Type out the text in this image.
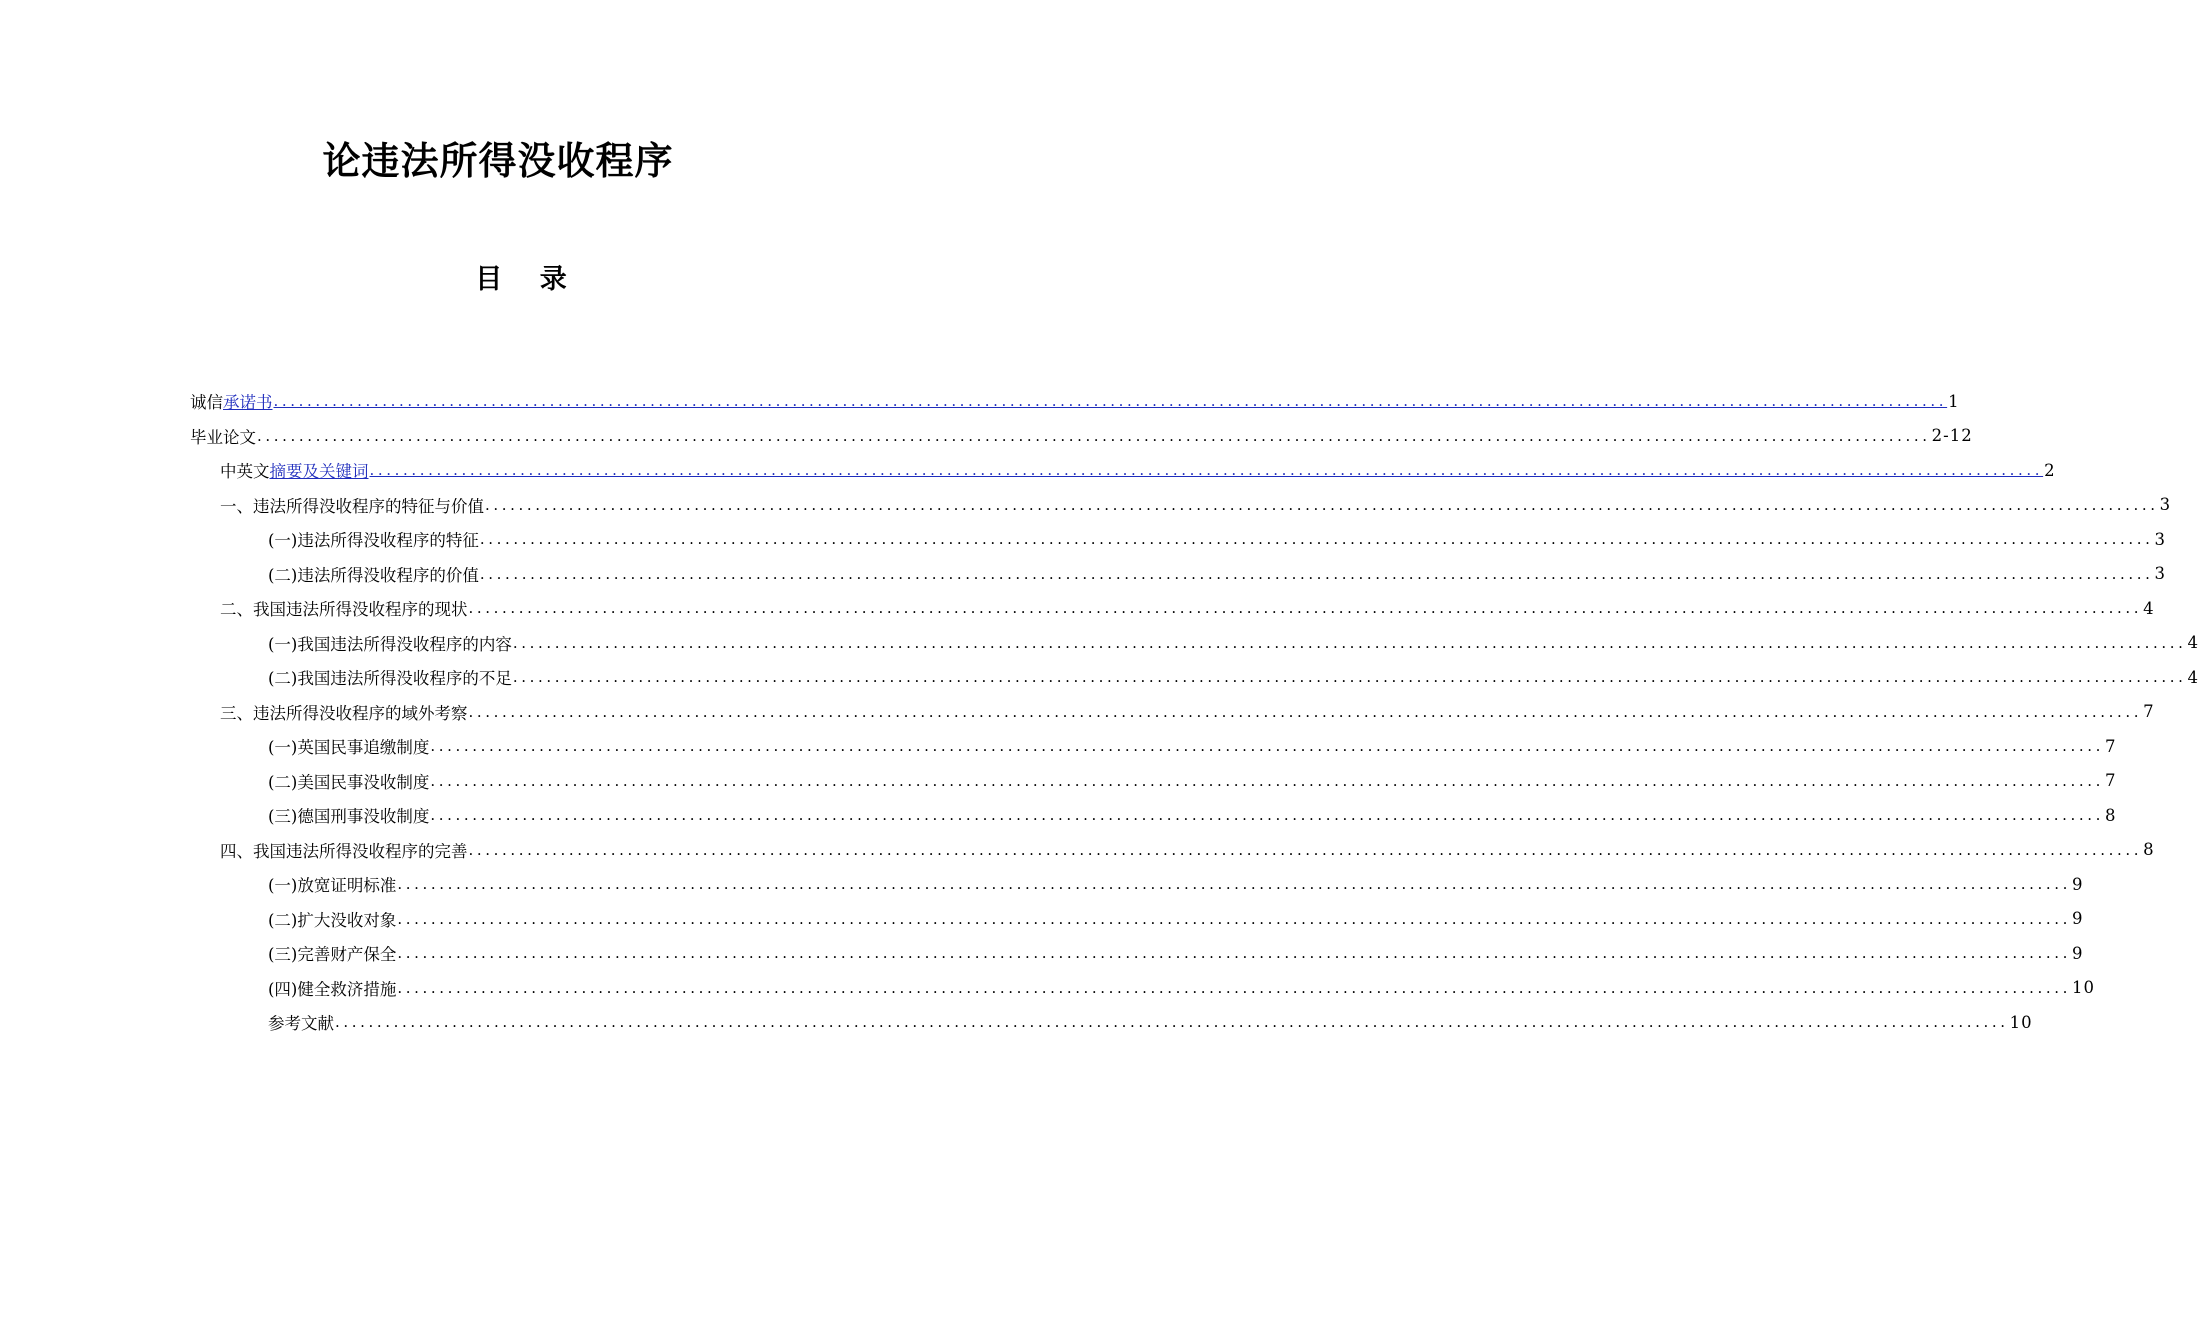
论违法所得没收程序
目 录
诚信承诺书 ........................................................................................................................................................................................................ 1
毕业论文 ........................................................................................................................................................................................................ 2-12
中英文摘要及关键词 ........................................................................................................................................................................................................ 2
一、违法所得没收程序的特征与价值 ........................................................................................................................................................................................................ 3
(一)违法所得没收程序的特征 ........................................................................................................................................................................................................ 3
(二)违法所得没收程序的价值 ........................................................................................................................................................................................................ 3
二、我国违法所得没收程序的现状 ........................................................................................................................................................................................................ 4
(一)我国违法所得没收程序的内容 ........................................................................................................................................................................................................ 4
(二)我国违法所得没收程序的不足 ........................................................................................................................................................................................................ 4
三、违法所得没收程序的域外考察 ........................................................................................................................................................................................................ 7
(一)英国民事追缴制度 ........................................................................................................................................................................................................ 7
(二)美国民事没收制度 ........................................................................................................................................................................................................ 7
(三)德国刑事没收制度 ........................................................................................................................................................................................................ 8
四、我国违法所得没收程序的完善 ........................................................................................................................................................................................................ 8
(一)放宽证明标准 ........................................................................................................................................................................................................ 9
(二)扩大没收对象 ........................................................................................................................................................................................................ 9
(三)完善财产保全 ........................................................................................................................................................................................................ 9
(四)健全救济措施 ........................................................................................................................................................................................................ 10
参考文献 ........................................................................................................................................................................................................ 10
